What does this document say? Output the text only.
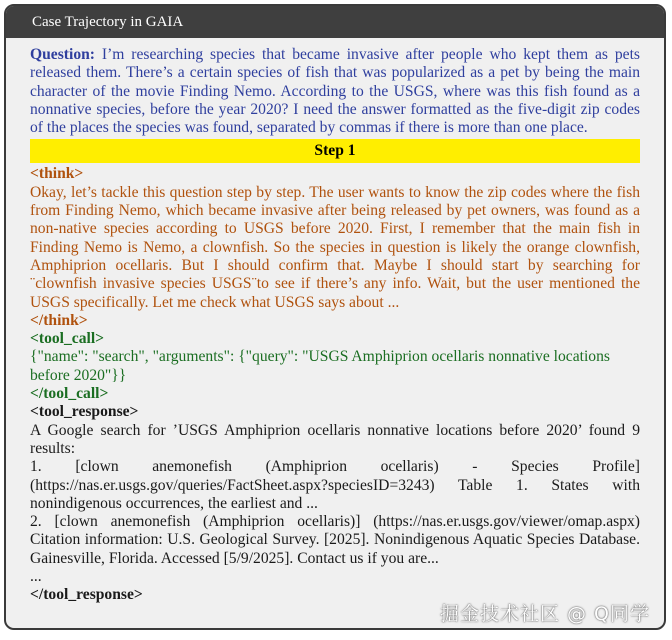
Case Trajectory in GAIA

Question: I’m researching species that became invasive after people who kept them as pets released them. There’s a certain species of fish that was popularized as a pet by being the main character of the movie Finding Nemo. According to the USGS, where was this fish found as a nonnative species, before the year 2020? I need the answer formatted as the five-digit zip codes of the places the species was found, separated by commas if there is more than one place.

Step 1
<think>
Okay, let’s tackle this question step by step. The user wants to know the zip codes where the fish from Finding Nemo, which became invasive after being released by pet owners, was found as a non-native species according to USGS before 2020. First, I remember that the main fish in Finding Nemo is Nemo, a clownfish. So the species in question is likely the orange clownfish, Amphiprion ocellaris. But I should confirm that. Maybe I should start by searching for ¨clownfish invasive species USGS¨to see if there’s any info. Wait, but the user mentioned the USGS specifically. Let me check what USGS says about ...
</think>
<tool_call>
{"name": "search", "arguments": {"query": "USGS Amphiprion ocellaris nonnative locations before 2020"}}
</tool_call>
<tool_response>
A Google search for ’USGS Amphiprion ocellaris nonnative locations before 2020’ found 9 results:
1. [clown anemonefish (Amphiprion ocellaris) - Species Profile](https://nas.er.usgs.gov/queries/FactSheet.aspx?speciesID=3243) Table 1. States with nonindigenous occurrences, the earliest and ...
2. [clown anemonefish (Amphiprion ocellaris)] (https://nas.er.usgs.gov/viewer/omap.aspx) Citation information: U.S. Geological Survey. [2025]. Nonindigenous Aquatic Species Database. Gainesville, Florida. Accessed [5/9/2025]. Contact us if you are...
...
</tool_response>
掘金技术社区 @ Q同学
